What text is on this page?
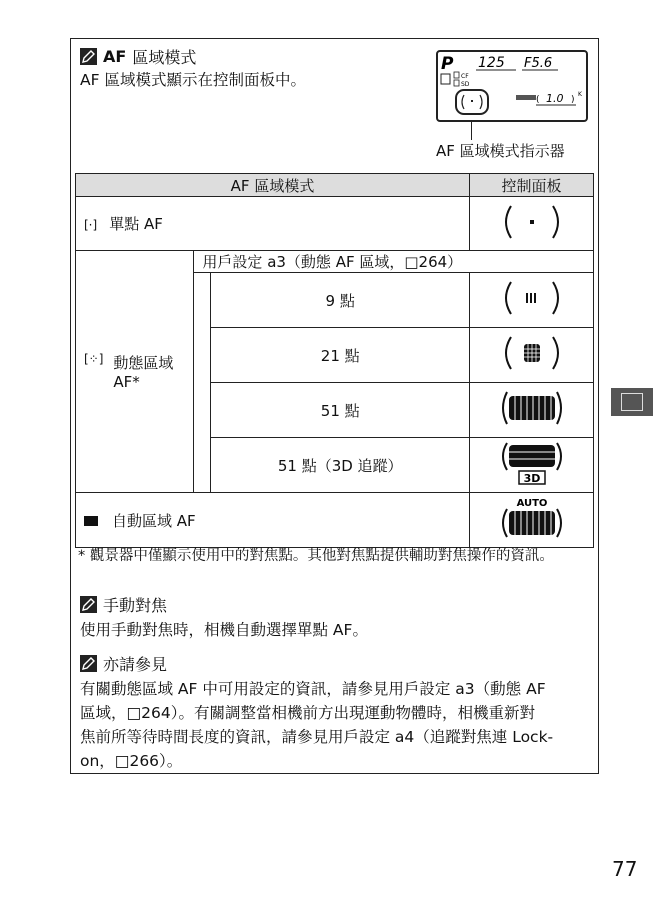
AF 區域模式
AF 區域模式顯示在控制面板中。
P 125 F5.6
CF
SD
( 1.0 )
K
AF 區域模式指示器
AF 區域模式			控制面板
[·] 單點 AF	

[⁘] 動態區域 AF*	用戶設定 a3（動態 AF 區域，□264）		
		9 點	
		21 點	
		51 點	
		51 點（3D 追蹤）	3D

自動區域 AF			AUTO
* 觀景器中僅顯示使用中的對焦點。其他對焦點提供輔助對焦操作的資訊。
手動對焦
使用手動對焦時，相機自動選擇單點 AF。
亦請參見
有關動態區域 AF 中可用設定的資訊，請參見用戶設定 a3（動態 AF
區域，□264）。有關調整當相機前方出現運動物體時，相機重新對
焦前所等待時間長度的資訊，請參見用戶設定 a4（追蹤對焦連 Lock-
on，□266）。
77
